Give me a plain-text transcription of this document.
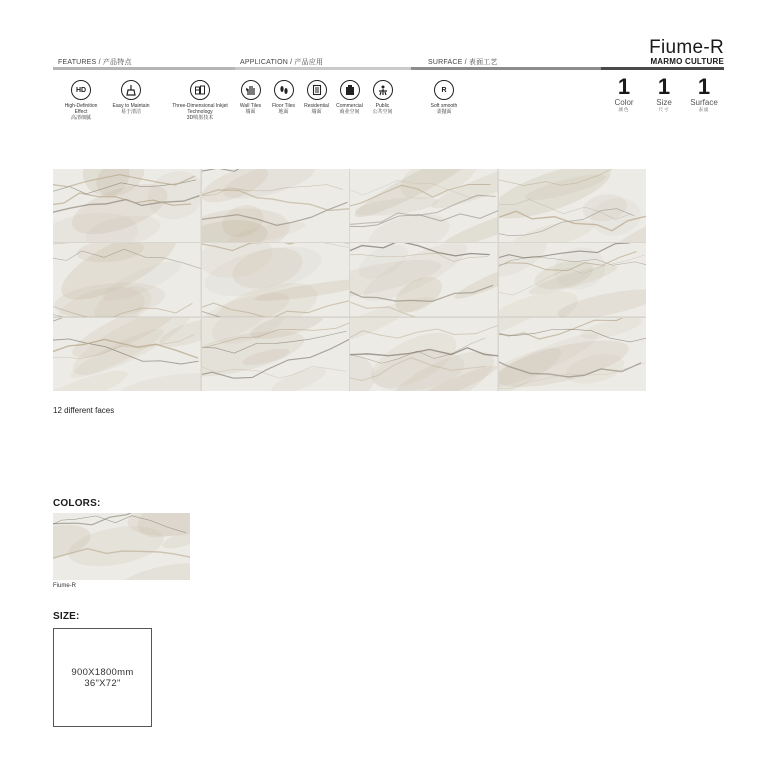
Fiume-R
MARMO CULTURE
FEATURES / 产品特点	APPLICATION / 产品应用	SURFACE / 表面工艺
HD
High-Definition Effect
高清细腻
Easy to Maintain
易于清洁
Three-Dimensional Inkjet Technology
3D喷墨技术
Wall Tiles
墙面
Floor Tiles
地面
Residential
墙面
Commercial
商业空间
Public
公共空间
R
Soft smooth
柔抛面
1
Color
颜色
1
Size
尺寸
1
Surface
表面
12 different faces
COLORS:
Fiume-R
SIZE:
900X1800mm
36"X72"
